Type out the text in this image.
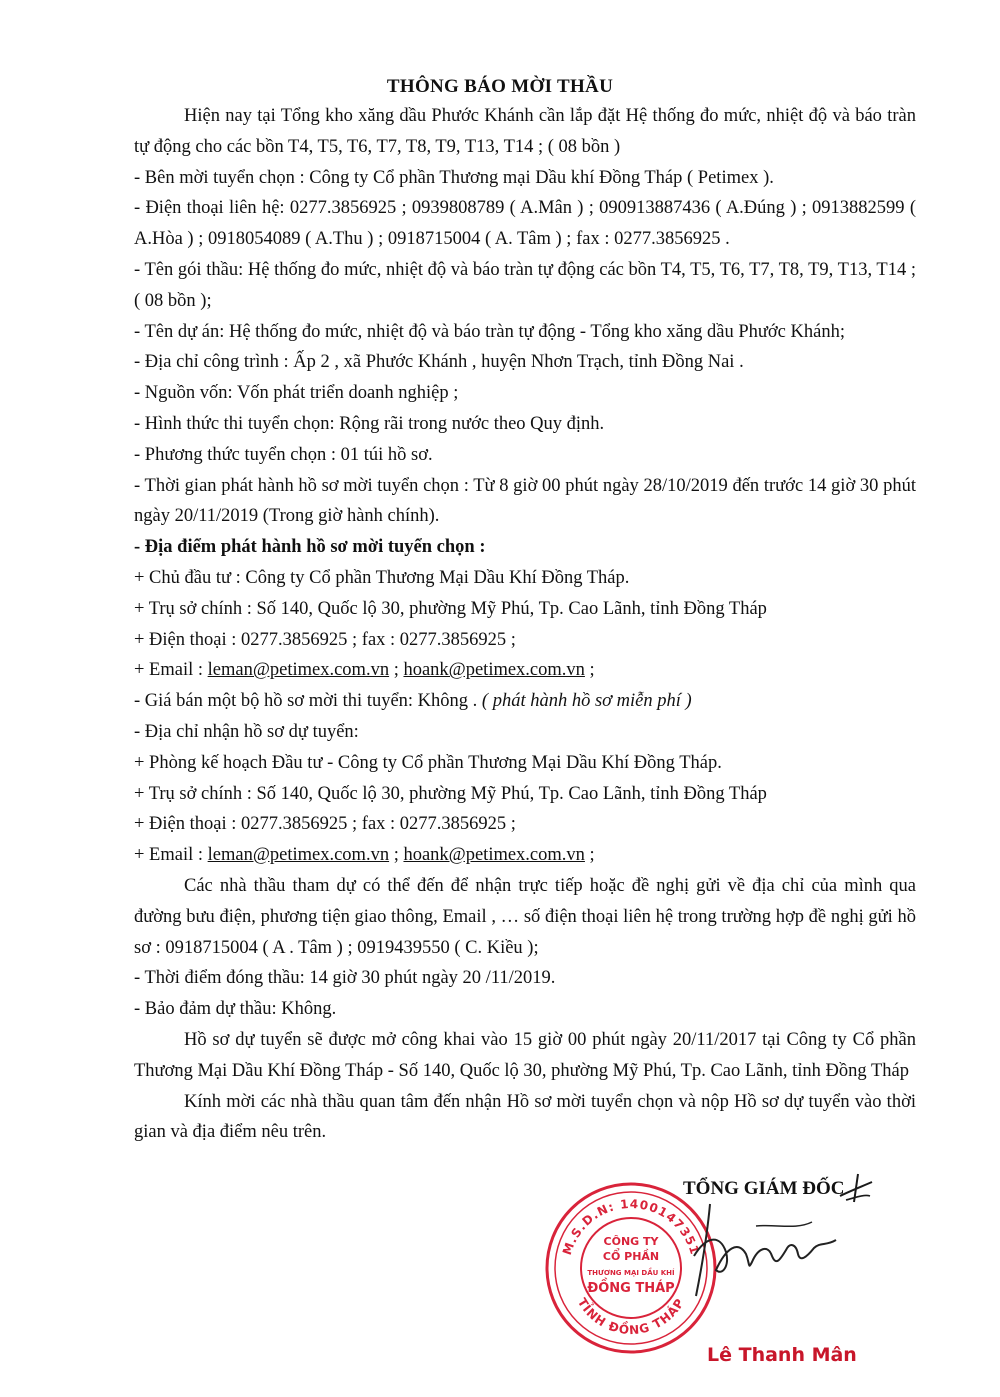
THÔNG BÁO MỜI THẦU

Hiện nay tại Tổng kho xăng dầu Phước Khánh cần lắp đặt Hệ thống đo mức, nhiệt độ và báo tràn tự động cho các bồn T4, T5, T6, T7, T8, T9, T13, T14 ; ( 08 bồn )

- Bên mời tuyển chọn : Công ty Cổ phần Thương mại Dầu khí Đồng Tháp ( Petimex ).

- Điện thoại liên hệ: 0277.3856925 ; 0939808789 ( A.Mân ) ; 090913887436 ( A.Đúng ) ; 0913882599 ( A.Hòa ) ; 0918054089 ( A.Thu ) ; 0918715004 ( A. Tâm ) ; fax : 0277.3856925 .

- Tên gói thầu: Hệ thống đo mức, nhiệt độ và báo tràn tự động các bồn T4, T5, T6, T7, T8, T9, T13, T14 ; ( 08 bồn );

- Tên dự án: Hệ thống đo mức, nhiệt độ và báo tràn tự động - Tổng kho xăng dầu Phước Khánh;

- Địa chỉ công trình : Ấp 2 , xã Phước Khánh , huyện Nhơn Trạch, tỉnh Đồng Nai .

- Nguồn vốn: Vốn phát triển doanh nghiệp ;

- Hình thức thi tuyển chọn: Rộng rãi trong nước theo Quy định.

- Phương thức tuyển chọn : 01 túi hồ sơ.

- Thời gian phát hành hồ sơ mời tuyển chọn : Từ 8 giờ 00 phút ngày 28/10/2019 đến trước 14 giờ 30 phút ngày 20/11/2019 (Trong giờ hành chính).

- Địa điểm phát hành hồ sơ mời tuyển chọn :

+ Chủ đầu tư : Công ty Cổ phần Thương Mại Dầu Khí Đồng Tháp.

+ Trụ sở chính : Số 140, Quốc lộ 30, phường Mỹ Phú, Tp. Cao Lãnh, tỉnh Đồng Tháp

+ Điện thoại : 0277.3856925 ; fax : 0277.3856925 ;

+ Email : leman@petimex.com.vn ; hoank@petimex.com.vn ;

- Giá bán một bộ hồ sơ mời thi tuyển: Không . ( phát hành hồ sơ miễn phí )

- Địa chỉ nhận hồ sơ dự tuyển:

+ Phòng kế hoạch Đầu tư - Công ty Cổ phần Thương Mại Dầu Khí Đồng Tháp.

+ Trụ sở chính : Số 140, Quốc lộ 30, phường Mỹ Phú, Tp. Cao Lãnh, tỉnh Đồng Tháp

+ Điện thoại : 0277.3856925 ; fax : 0277.3856925 ;

+ Email : leman@petimex.com.vn ; hoank@petimex.com.vn ;

Các nhà thầu tham dự có thể đến để nhận trực tiếp hoặc đề nghị gửi về địa chỉ của mình qua đường bưu điện, phương tiện giao thông, Email , … số điện thoại liên hệ trong trường hợp đề nghị gửi hồ sơ : 0918715004 ( A . Tâm ) ; 0919439550 ( C. Kiều );

- Thời điểm đóng thầu: 14 giờ 30 phút ngày 20 /11/2019.

- Bảo đảm dự thầu: Không.

Hồ sơ dự tuyển sẽ được mở công khai vào 15 giờ 00 phút ngày 20/11/2017 tại Công ty Cổ phần Thương Mại Dầu Khí Đồng Tháp - Số 140, Quốc lộ 30, phường Mỹ Phú, Tp. Cao Lãnh, tỉnh Đồng Tháp

Kính mời các nhà thầu quan tâm đến nhận Hồ sơ mời tuyển chọn và nộp Hồ sơ dự tuyển vào thời gian và địa điểm nêu trên.

TỔNG GIÁM ĐỐC
M.S.D.N: 1400147351
TỈNH ĐỒNG THÁP
CÔNG TY
CỔ PHẦN
THƯƠNG MẠI DẦU KHÍ
ĐỒNG THÁP
Lê Thanh Mân
